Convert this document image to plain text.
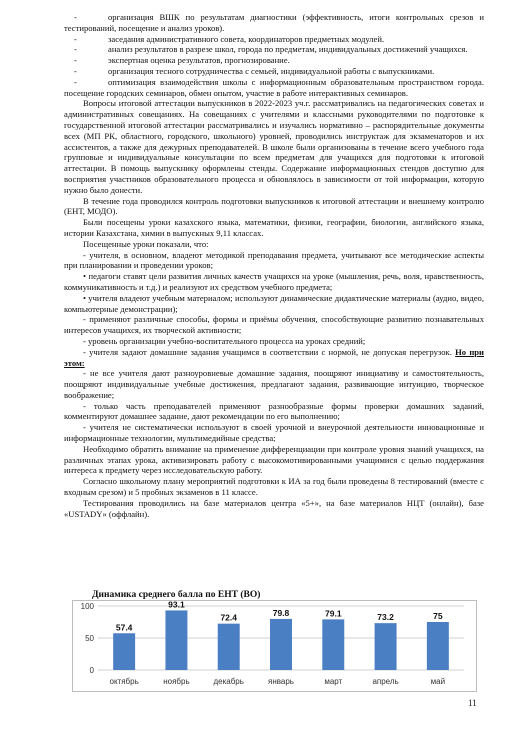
-	организация ВШК по результатам диагностики (эффективность, итоги контрольных срезов и тестирований, посещение и анализ уроков).

-	заседания административного совета, координаторов предметных модулей.

-	анализ результатов в разрезе школ, города по предметам, индивидуальных достижений учащихся.

-	экспертная оценка результатов, прогнозирование.

-	организация тесного сотрудничества с семьей, индивидуальной работы с выпускниками.

-	оптимизация взаимодействия школы с информационным образовательным пространством города. посещение городских семинаров, обмен опытом, участие в работе интерактивных семинаров.

Вопросы итоговой аттестации выпускников в 2022-2023 уч.г. рассматривались на педагогических советах и административных совещаниях. На совещаниях с учителями и классными руководителями по подготовке к государственной итоговой аттестации рассматривались и изучались нормативно – распорядительные документы всех (МП РК, областного, городского, школьного) уровней, проводились инструктаж для экзаменаторов и их ассистентов, а также для дежурных преподавателей. В школе были организованы в течение всего учебного года групповые и индивидуальные консультации по всем предметам для учащихся для подготовки к итоговой аттестации. В помощь выпускнику оформлены стенды. Содержание информационных стендов доступно для восприятия участников образовательного процесса и обновлялось в зависимости от той информации, которую нужно было донести.

В течение года проводился контроль подготовки выпускников к итоговой аттестации и внешнему контролю (ЕНТ, МОДО).

Были посещены уроки казахского языка, математики, физики, географии, биологии, английского языка, истории Казахстана, химии в выпускных 9,11 классах.

Посещенные уроки показали, что:

- учителя, в основном, владеют методикой преподавания предмета, учитывают все методические аспекты при планировании и проведении уроков;

• педагоги ставят цели развития личных качеств учащихся на уроке (мышления, речь, воля, нравственность, коммуникативность и т.д.) и реализуют их средством учебного предмета;

• учителя владеют учебным материалом; используют динамические дидактические материалы (аудио, видео, компьютерные демонстрации);

- применяют различные способы, формы и приёмы обучения, способствующие развитию познавательных интересов учащихся, их творческой активности;

- уровень организации учебно-воспитательного процесса на уроках средний;

- учителя задают домашние задания учащимся в соответствии с нормой, не допуская перегрузок. Но при этом:

- не все учителя дают разноуровневые домашние задания, поощряют инициативу и самостоятельность, поощряют индивидуальные учебные достижения, предлагают задания, развивающие интуицию, творческое воображение;

- только часть преподавателей применяют разнообразные формы проверки домашних заданий, комментируют домашнее задание, дают рекомендации по его выполнению;

- учителя не систематически используют в своей урочной и внеурочной деятельности инновационные и информационные технологии, мультимедийные средства;

Необходимо обратить внимание на применение дифференциации при контроле уровня знаний учащихся, на различных этапах урока, активизировать работу с высокомотивированными учащимися с целью поддержания интереса к предмету через исследовательскую работу.

Согласно школьному плану мероприятий подготовки к ИА за год были проведены 8 тестирований (вместе с входным срезом) и 5 пробных экзаменов в 11 классе.

Тестирования проводились на базе материалов центра «5+», на базе материалов НЦТ (онлайн), базе «USTADY» (оффлайн).

Динамика среднего балла по ЕНТ (ВО)
0
50
100
57.4
октябрь
93.1
ноябрь
72.4
декабрь
79.8
январь
79.1
март
73.2
апрель
75
май
11
